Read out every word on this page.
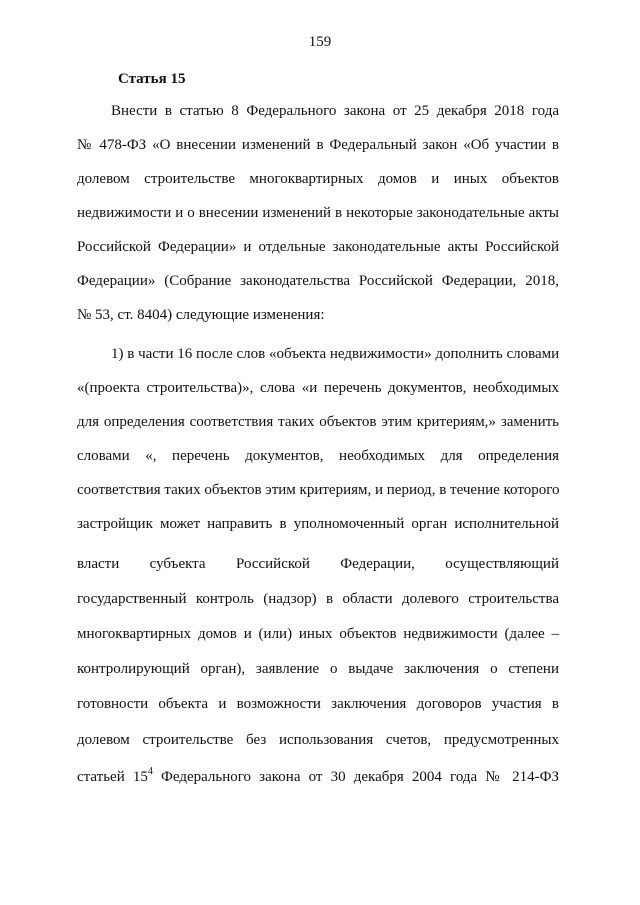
159
Статья 15
Внести в статью 8 Федерального закона от 25 декабря 2018 года
№ 478-ФЗ «О внесении изменений в Федеральный закон «Об участии в
долевом строительстве многоквартирных домов и иных объектов
недвижимости и о внесении изменений в некоторые законодательные акты
Российской Федерации» и отдельные законодательные акты Российской
Федерации» (Собрание законодательства Российской Федерации, 2018,
№ 53, ст. 8404) следующие изменения:
1) в части 16 после слов «объекта недвижимости» дополнить словами
«(проекта строительства)», слова «и перечень документов, необходимых
для определения соответствия таких объектов этим критериям,» заменить
словами «, перечень документов, необходимых для определения
соответствия таких объектов этим критериям, и период, в течение которого
застройщик может направить в уполномоченный орган исполнительной
власти субъекта Российской Федерации, осуществляющий
государственный контроль (надзор) в области долевого строительства
многоквартирных домов и (или) иных объектов недвижимости (далее –
контролирующий орган), заявление о выдаче заключения о степени
готовности объекта и возможности заключения договоров участия в
долевом строительстве без использования счетов, предусмотренных
статьей $15^4$ Федерального закона от 30 декабря 2004 года № 214-ФЗ
